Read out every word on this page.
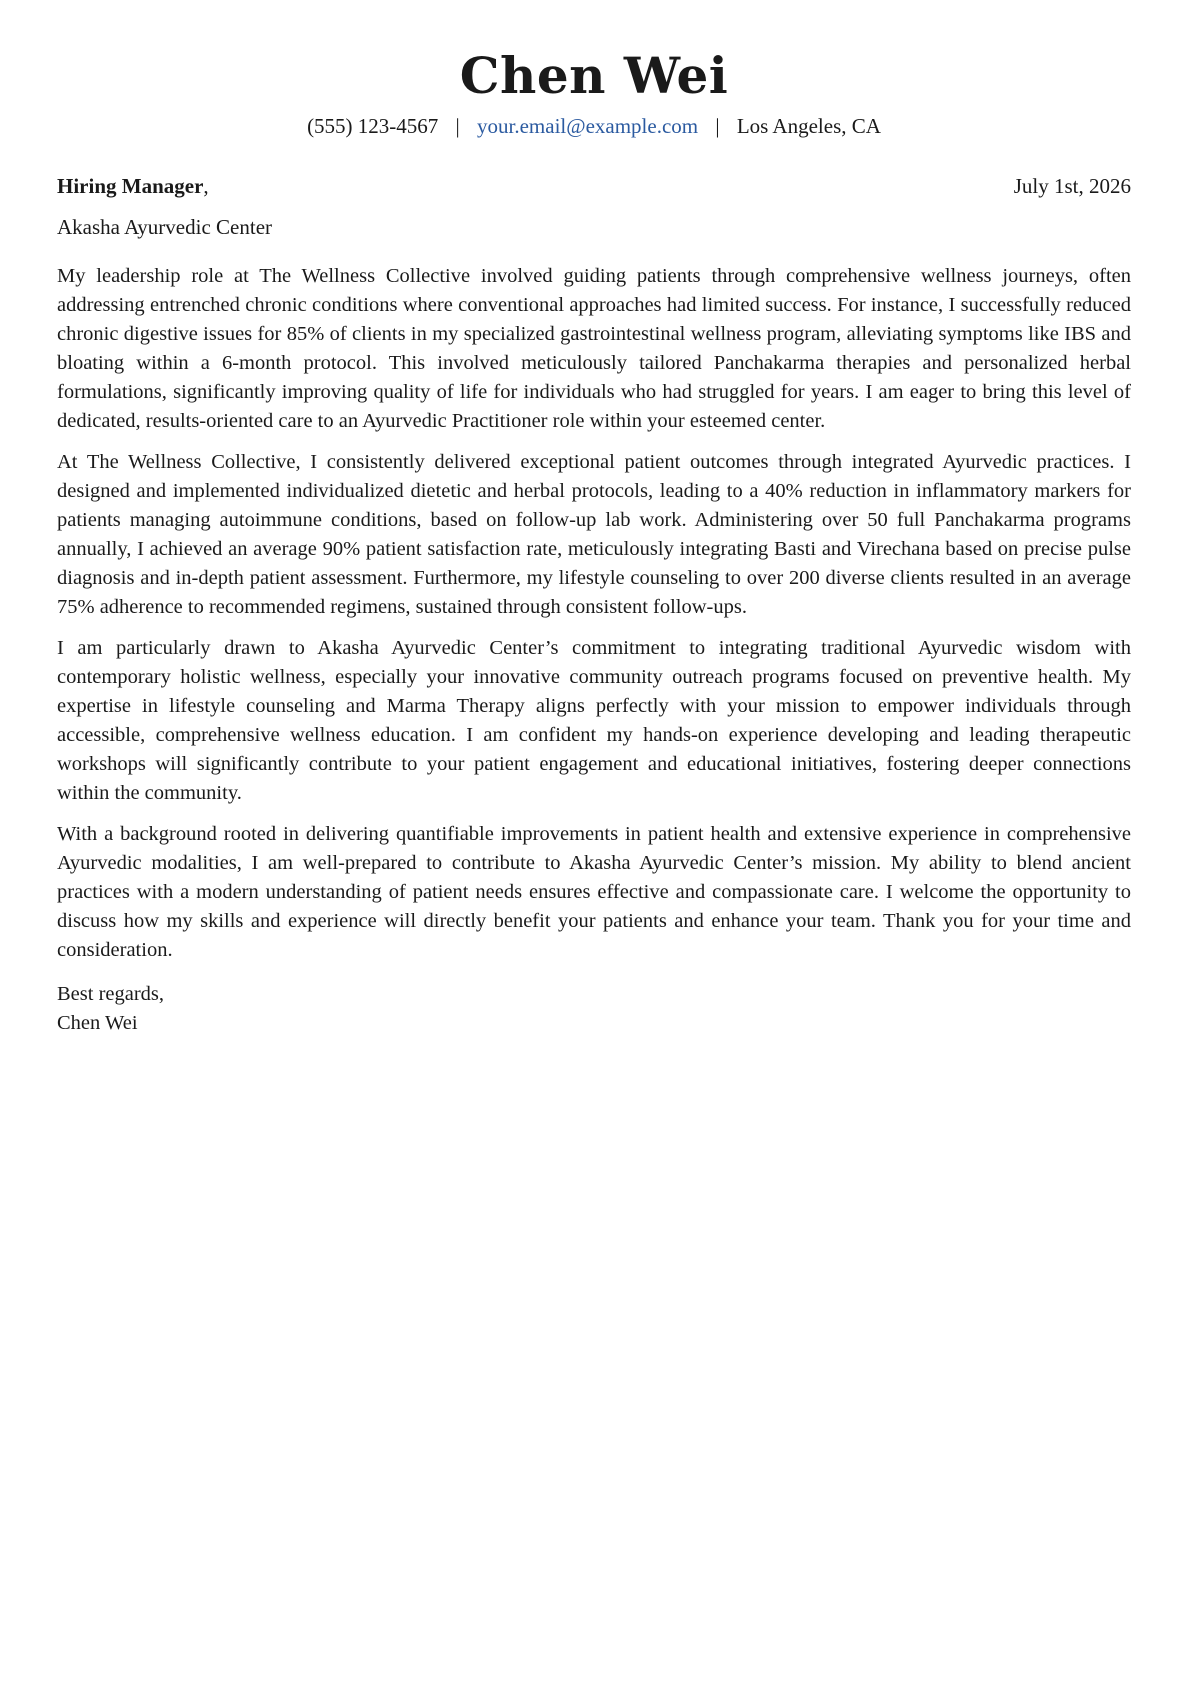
Chen Wei
(555) 123-4567 | your.email@example.com | Los Angeles, CA
Hiring Manager,	July 1st, 2026
Akasha Ayurvedic Center

My leadership role at The Wellness Collective involved guiding patients through comprehensive wellness journeys, often addressing entrenched chronic conditions where conventional approaches had limited success. For instance, I successfully reduced chronic digestive issues for 85% of clients in my specialized gastrointestinal wellness program, alleviating symptoms like IBS and bloating within a 6-month protocol. This involved meticulously tailored Panchakarma therapies and personalized herbal formulations, significantly improving quality of life for individuals who had struggled for years. I am eager to bring this level of dedicated, results-oriented care to an Ayurvedic Practitioner role within your esteemed center.

At The Wellness Collective, I consistently delivered exceptional patient outcomes through integrated Ayurvedic practices. I designed and implemented individualized dietetic and herbal protocols, leading to a 40% reduction in inflammatory markers for patients managing autoimmune conditions, based on follow-up lab work. Administering over 50 full Panchakarma programs annually, I achieved an average 90% patient satisfaction rate, meticulously integrating Basti and Virechana based on precise pulse diagnosis and in-depth patient assessment. Furthermore, my lifestyle counseling to over 200 diverse clients resulted in an average 75% adherence to recommended regimens, sustained through consistent follow-ups.

I am particularly drawn to Akasha Ayurvedic Center’s commitment to integrating traditional Ayurvedic wisdom with contemporary holistic wellness, especially your innovative community outreach programs focused on preventive health. My expertise in lifestyle counseling and Marma Therapy aligns perfectly with your mission to empower individuals through accessible, comprehensive wellness education. I am confident my hands-on experience developing and leading therapeutic workshops will significantly contribute to your patient engagement and educational initiatives, fostering deeper connections within the community.

With a background rooted in delivering quantifiable improvements in patient health and extensive experience in comprehensive Ayurvedic modalities, I am well-prepared to contribute to Akasha Ayurvedic Center’s mission. My ability to blend ancient practices with a modern understanding of patient needs ensures effective and compassionate care. I welcome the opportunity to discuss how my skills and experience will directly benefit your patients and enhance your team. Thank you for your time and consideration.

Best regards,
Chen Wei
